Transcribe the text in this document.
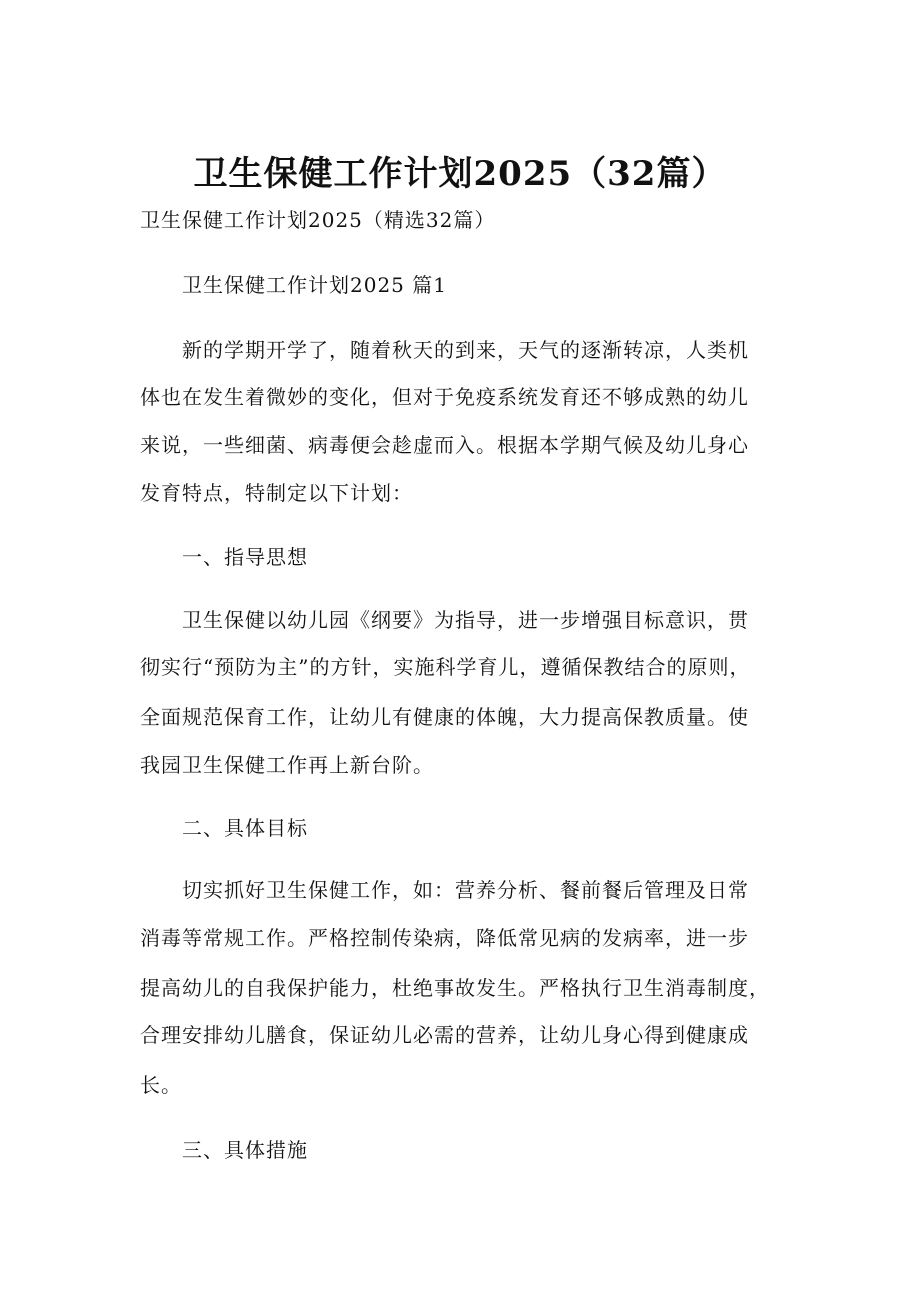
卫生保健工作计划2025（32篇）
卫生保健工作计划2025（精选32篇）
卫生保健工作计划2025 篇1
新的学期开学了，随着秋天的到来，天气的逐渐转凉，人类机
体也在发生着微妙的变化，但对于免疫系统发育还不够成熟的幼儿
来说，一些细菌、病毒便会趁虚而入。根据本学期气候及幼儿身心
发育特点，特制定以下计划：
一、指导思想
卫生保健以幼儿园《纲要》为指导，进一步增强目标意识，贯
彻实行“预防为主”的方针，实施科学育儿，遵循保教结合的原则，
全面规范保育工作，让幼儿有健康的体魄，大力提高保教质量。使
我园卫生保健工作再上新台阶。
二、具体目标
切实抓好卫生保健工作，如：营养分析、餐前餐后管理及日常
消毒等常规工作。严格控制传染病，降低常见病的发病率，进一步
提高幼儿的自我保护能力，杜绝事故发生。严格执行卫生消毒制度，
合理安排幼儿膳食，保证幼儿必需的营养，让幼儿身心得到健康成
长。
三、具体措施
